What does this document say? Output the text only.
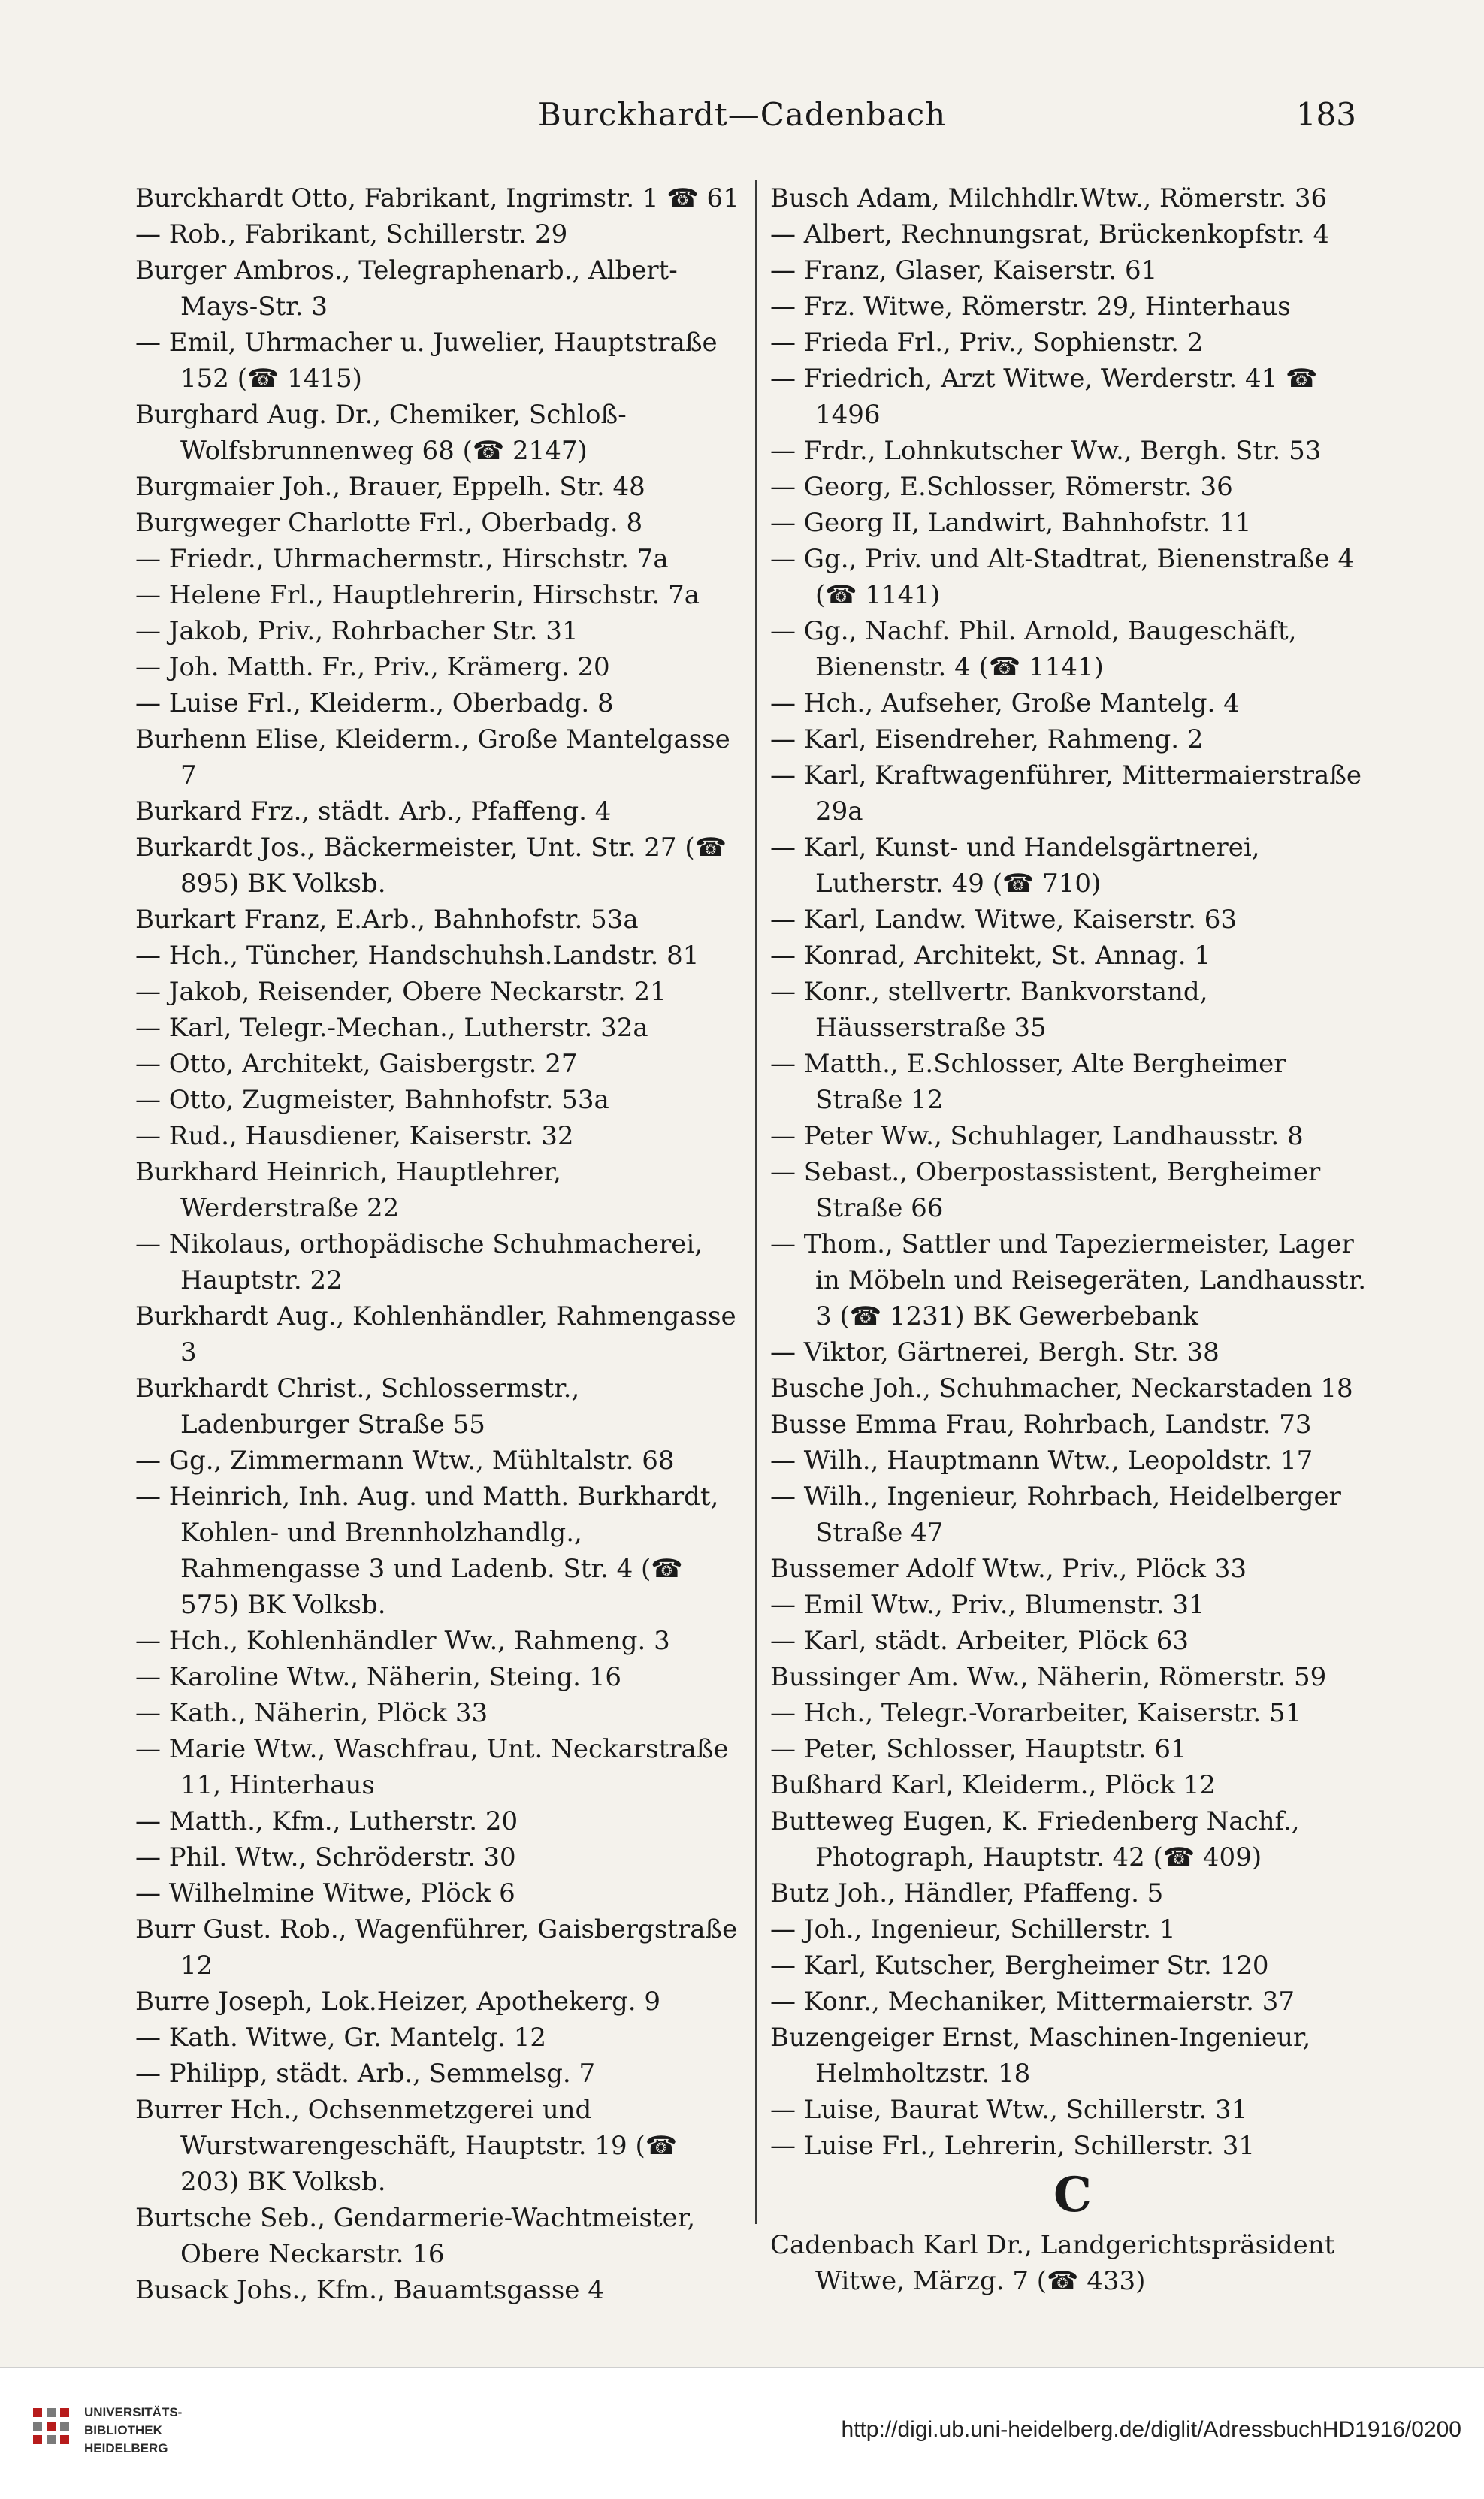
Burckhardt—Cadenbach	183
Burckhardt Otto, Fabrikant, Ingrimstr. 1 ☎ 61
— Rob., Fabrikant, Schillerstr. 29
Burger Ambros., Telegraphenarb., Albert-Mays-Str. 3
— Emil, Uhrmacher u. Juwelier, Hauptstraße 152 (☎ 1415)
Burghard Aug. Dr., Chemiker, Schloß-Wolfsbrunnenweg 68 (☎ 2147)
Burgmaier Joh., Brauer, Eppelh. Str. 48
Burgweger Charlotte Frl., Oberbadg. 8
— Friedr., Uhrmachermstr., Hirschstr. 7a
— Helene Frl., Hauptlehrerin, Hirschstr. 7a
— Jakob, Priv., Rohrbacher Str. 31
— Joh. Matth. Fr., Priv., Krämerg. 20
— Luise Frl., Kleiderm., Oberbadg. 8
Burhenn Elise, Kleiderm., Große Mantelgasse 7
Burkard Frz., städt. Arb., Pfaffeng. 4
Burkardt Jos., Bäckermeister, Unt. Str. 27 (☎ 895) BK Volksb.
Burkart Franz, E.Arb., Bahnhofstr. 53a
— Hch., Tüncher, Handschuhsh.Landstr. 81
— Jakob, Reisender, Obere Neckarstr. 21
— Karl, Telegr.-Mechan., Lutherstr. 32a
— Otto, Architekt, Gaisbergstr. 27
— Otto, Zugmeister, Bahnhofstr. 53a
— Rud., Hausdiener, Kaiserstr. 32
Burkhard Heinrich, Hauptlehrer, Werderstraße 22
— Nikolaus, orthopädische Schuhmacherei, Hauptstr. 22
Burkhardt Aug., Kohlenhändler, Rahmengasse 3
Burkhardt Christ., Schlossermstr., Ladenburger Straße 55
— Gg., Zimmermann Wtw., Mühltalstr. 68
— Heinrich, Inh. Aug. und Matth. Burkhardt, Kohlen- und Brennholzhandlg., Rahmengasse 3 und Ladenb. Str. 4 (☎ 575) BK Volksb.
— Hch., Kohlenhändler Ww., Rahmeng. 3
— Karoline Wtw., Näherin, Steing. 16
— Kath., Näherin, Plöck 33
— Marie Wtw., Waschfrau, Unt. Neckarstraße 11, Hinterhaus
— Matth., Kfm., Lutherstr. 20
— Phil. Wtw., Schröderstr. 30
— Wilhelmine Witwe, Plöck 6
Burr Gust. Rob., Wagenführer, Gaisbergstraße 12
Burre Joseph, Lok.Heizer, Apothekerg. 9
— Kath. Witwe, Gr. Mantelg. 12
— Philipp, städt. Arb., Semmelsg. 7
Burrer Hch., Ochsenmetzgerei und Wurstwarengeschäft, Hauptstr. 19 (☎ 203) BK Volksb.
Burtsche Seb., Gendarmerie-Wachtmeister, Obere Neckarstr. 16
Busack Johs., Kfm., Bauamtsgasse 4
Busch Adam, Milchhdlr.Wtw., Römerstr. 36
— Albert, Rechnungsrat, Brückenkopfstr. 4
— Franz, Glaser, Kaiserstr. 61
— Frz. Witwe, Römerstr. 29, Hinterhaus
— Frieda Frl., Priv., Sophienstr. 2
— Friedrich, Arzt Witwe, Werderstr. 41 ☎ 1496
— Frdr., Lohnkutscher Ww., Bergh. Str. 53
— Georg, E.Schlosser, Römerstr. 36
— Georg II, Landwirt, Bahnhofstr. 11
— Gg., Priv. und Alt-Stadtrat, Bienenstraße 4 (☎ 1141)
— Gg., Nachf. Phil. Arnold, Baugeschäft, Bienenstr. 4 (☎ 1141)
— Hch., Aufseher, Große Mantelg. 4
— Karl, Eisendreher, Rahmeng. 2
— Karl, Kraftwagenführer, Mittermaierstraße 29a
— Karl, Kunst- und Handelsgärtnerei, Lutherstr. 49 (☎ 710)
— Karl, Landw. Witwe, Kaiserstr. 63
— Konrad, Architekt, St. Annag. 1
— Konr., stellvertr. Bankvorstand, Häusserstraße 35
— Matth., E.Schlosser, Alte Bergheimer Straße 12
— Peter Ww., Schuhlager, Landhausstr. 8
— Sebast., Oberpostassistent, Bergheimer Straße 66
— Thom., Sattler und Tapeziermeister, Lager in Möbeln und Reisegeräten, Landhausstr. 3 (☎ 1231) BK Gewerbebank
— Viktor, Gärtnerei, Bergh. Str. 38
Busche Joh., Schuhmacher, Neckarstaden 18
Busse Emma Frau, Rohrbach, Landstr. 73
— Wilh., Hauptmann Wtw., Leopoldstr. 17
— Wilh., Ingenieur, Rohrbach, Heidelberger Straße 47
Bussemer Adolf Wtw., Priv., Plöck 33
— Emil Wtw., Priv., Blumenstr. 31
— Karl, städt. Arbeiter, Plöck 63
Bussinger Am. Ww., Näherin, Römerstr. 59
— Hch., Telegr.-Vorarbeiter, Kaiserstr. 51
— Peter, Schlosser, Hauptstr. 61
Bußhard Karl, Kleiderm., Plöck 12
Butteweg Eugen, K. Friedenberg Nachf., Photograph, Hauptstr. 42 (☎ 409)
Butz Joh., Händler, Pfaffeng. 5
— Joh., Ingenieur, Schillerstr. 1
— Karl, Kutscher, Bergheimer Str. 120
— Konr., Mechaniker, Mittermaierstr. 37
Buzengeiger Ernst, Maschinen-Ingenieur, Helmholtzstr. 18
— Luise, Baurat Wtw., Schillerstr. 31
— Luise Frl., Lehrerin, Schillerstr. 31
C
Cadenbach Karl Dr., Landgerichtspräsident Witwe, Märzg. 7 (☎ 433)
UNIVERSITÄTS-
BIBLIOTHEK
HEIDELBERG
http://digi.ub.uni-heidelberg.de/diglit/AdressbuchHD1916/0200
